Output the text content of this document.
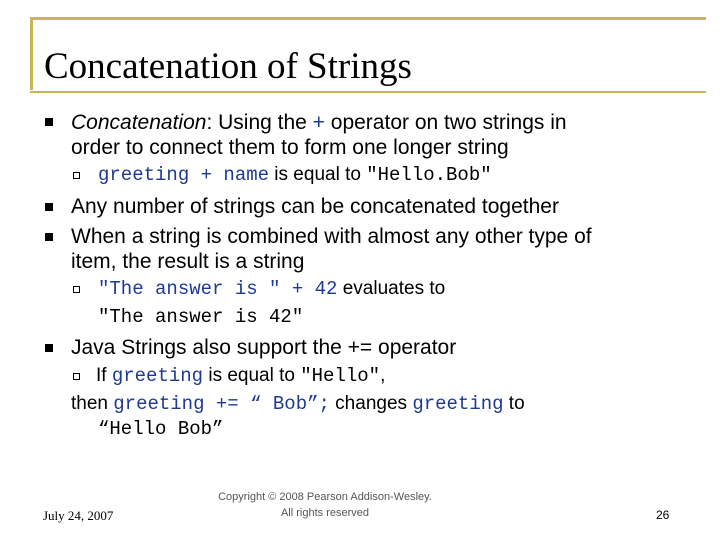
Concatenation of Strings
Concatenation: Using the + operator on two strings in
order to connect them to form one longer string
greeting + name is equal to "Hello.Bob"
Any number of strings can be concatenated together
When a string is combined with almost any other type of
item, the result is a string
"The answer is " + 42 evaluates to
"The answer is 42"
Java Strings also support the += operator
If greeting is equal to "Hello",
then greeting += “ Bob”; changes greeting to
“Hello Bob”
July 24, 2007
Copyright © 2008 Pearson Addison-Wesley.
All rights reserved	26
